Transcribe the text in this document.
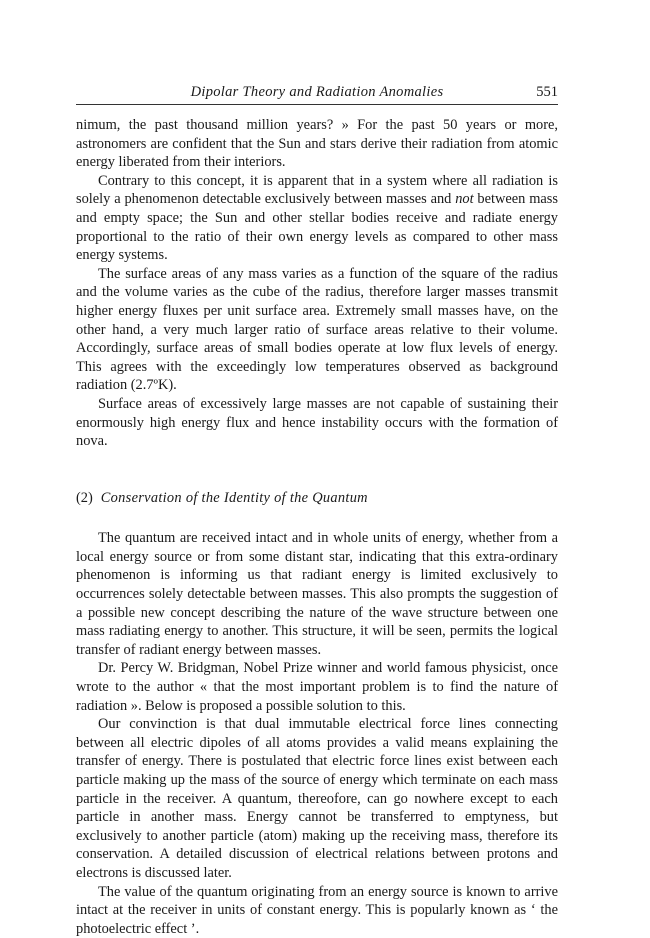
Dipolar Theory and Radiation Anomalies	551

nimum, the past thousand million years? » For the past 50 years or more, astronomers are confident that the Sun and stars derive their radiation from atomic energy liberated from their interiors.

Contrary to this concept, it is apparent that in a system where all radiation is solely a phenomenon detectable exclusively between masses and not between mass and empty space; the Sun and other stellar bodies receive and radiate energy proportional to the ratio of their own energy levels as compared to other mass energy systems.

The surface areas of any mass varies as a function of the square of the radius and the volume varies as the cube of the radius, therefore larger masses transmit higher energy fluxes per unit surface area. Extremely small masses have, on the other hand, a very much larger ratio of surface areas relative to their volume. Accordingly, surface areas of small bodies operate at low flux levels of energy. This agrees with the exceedingly low temperatures observed as background radiation (2.7ºK).

Surface areas of excessively large masses are not capable of sustaining their enormously high energy flux and hence instability occurs with the formation of nova.

(2) Conservation of the Identity of the Quantum

The quantum are received intact and in whole units of energy, whether from a local energy source or from some distant star, indicating that this extra-ordinary phenomenon is informing us that radiant energy is limited exclusively to occurrences solely detectable between masses. This also prompts the suggestion of a possible new concept describing the nature of the wave structure between one mass radiating energy to another. This structure, it will be seen, permits the logical transfer of radiant energy between masses.

Dr. Percy W. Bridgman, Nobel Prize winner and world famous physicist, once wrote to the author « that the most important problem is to find the nature of radiation ». Below is proposed a possible solution to this.

Our convinction is that dual immutable electrical force lines connecting between all electric dipoles of all atoms provides a valid means explaining the transfer of energy. There is postulated that electric force lines exist between each particle making up the mass of the source of energy which terminate on each mass particle in the receiver. A quantum, thereofore, can go nowhere except to each particle in another mass. Energy cannot be transferred to emptyness, but exclusively to another particle (atom) making up the receiving mass, therefore its conservation. A detailed discussion of electrical relations between protons and electrons is discussed later.

The value of the quantum originating from an energy source is known to arrive intact at the receiver in units of constant energy. This is popularly known as ‘ the photoelectric effect ’.
